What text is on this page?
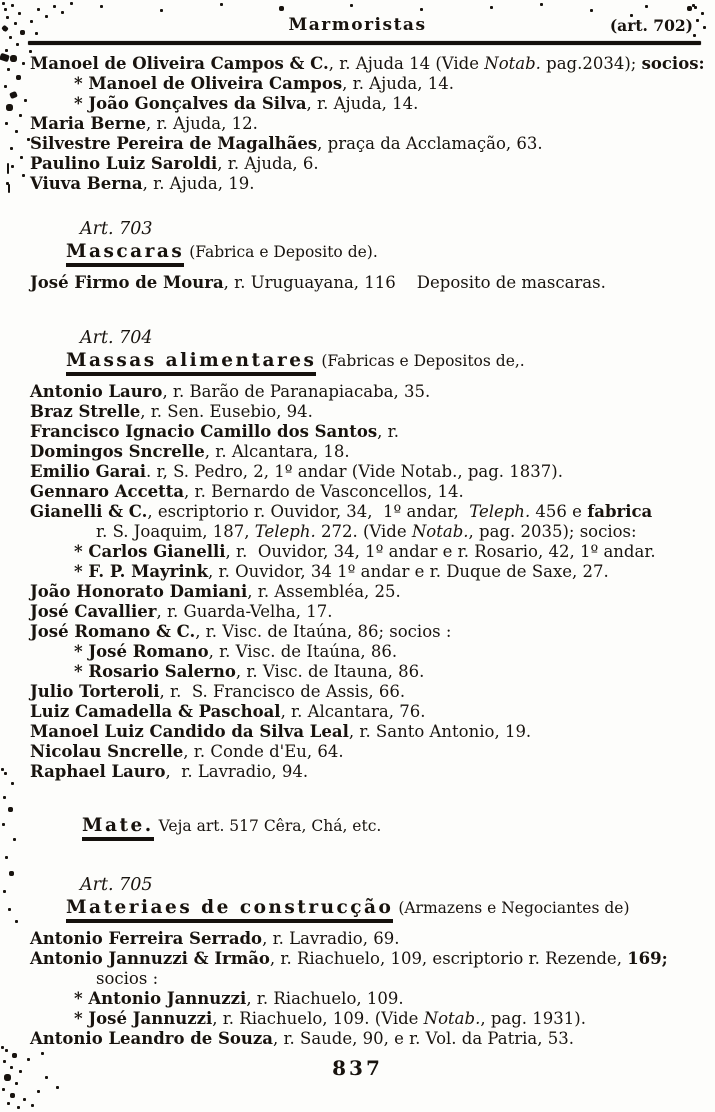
Marmoristas	(art. 702)
Manoel de Oliveira Campos & C., r. Ajuda 14 (Vide Notab. pag.2034); socios:
* Manoel de Oliveira Campos, r. Ajuda, 14.
* João Gonçalves da Silva, r. Ajuda, 14.
Maria Berne, r. Ajuda, 12.
Silvestre Pereira de Magalhães, praça da Acclamação, 63.
Paulino Luiz Saroldi, r. Ajuda, 6.
Viuva Berna, r. Ajuda, 19.
Art. 703
Mascaras (Fabrica e Deposito de).
José Firmo de Moura, r. Uruguayana, 116    Deposito de mascaras.
Art. 704
Massas alimentares (Fabricas e Depositos de,.
Antonio Lauro, r. Barão de Paranapiacaba, 35.
Braz Strelle, r. Sen. Eusebio, 94.
Francisco Ignacio Camillo dos Santos, r.
Domingos Sncrelle, r. Alcantara, 18.
Emilio Garai. r, S. Pedro, 2, 1º andar (Vide Notab., pag. 1837).
Gennaro Accetta, r. Bernardo de Vasconcellos, 14.
Gianelli & C., escriptorio r. Ouvidor, 34,  1º andar,  Teleph. 456 e fabrica
r. S. Joaquim, 187, Teleph. 272. (Vide Notab., pag. 2035); socios:
* Carlos Gianelli, r.  Ouvidor, 34, 1º andar e r. Rosario, 42, 1º andar.
* F. P. Mayrink, r. Ouvidor, 34 1º andar e r. Duque de Saxe, 27.
João Honorato Damiani, r. Assembléa, 25.
José Cavallier, r. Guarda-Velha, 17.
José Romano & C., r. Visc. de Itaúna, 86; socios :
* José Romano, r. Visc. de Itaúna, 86.
* Rosario Salerno, r. Visc. de Itauna, 86.
Julio Torteroli, r.  S. Francisco de Assis, 66.
Luiz Camadella & Paschoal, r. Alcantara, 76.
Manoel Luiz Candido da Silva Leal, r. Santo Antonio, 19.
Nicolau Sncrelle, r. Conde d'Eu, 64.
Raphael Lauro,  r. Lavradio, 94.
Mate. Veja art. 517 Cêra, Chá, etc.
Art. 705
Materiaes de construcção (Armazens e Negociantes de)
Antonio Ferreira Serrado, r. Lavradio, 69.
Antonio Jannuzzi & Irmão, r. Riachuelo, 109, escriptorio r. Rezende, 169;
socios :
* Antonio Jannuzzi, r. Riachuelo, 109.
* José Jannuzzi, r. Riachuelo, 109. (Vide Notab., pag. 1931).
Antonio Leandro de Souza, r. Saude, 90, e r. Vol. da Patria, 53.
837
